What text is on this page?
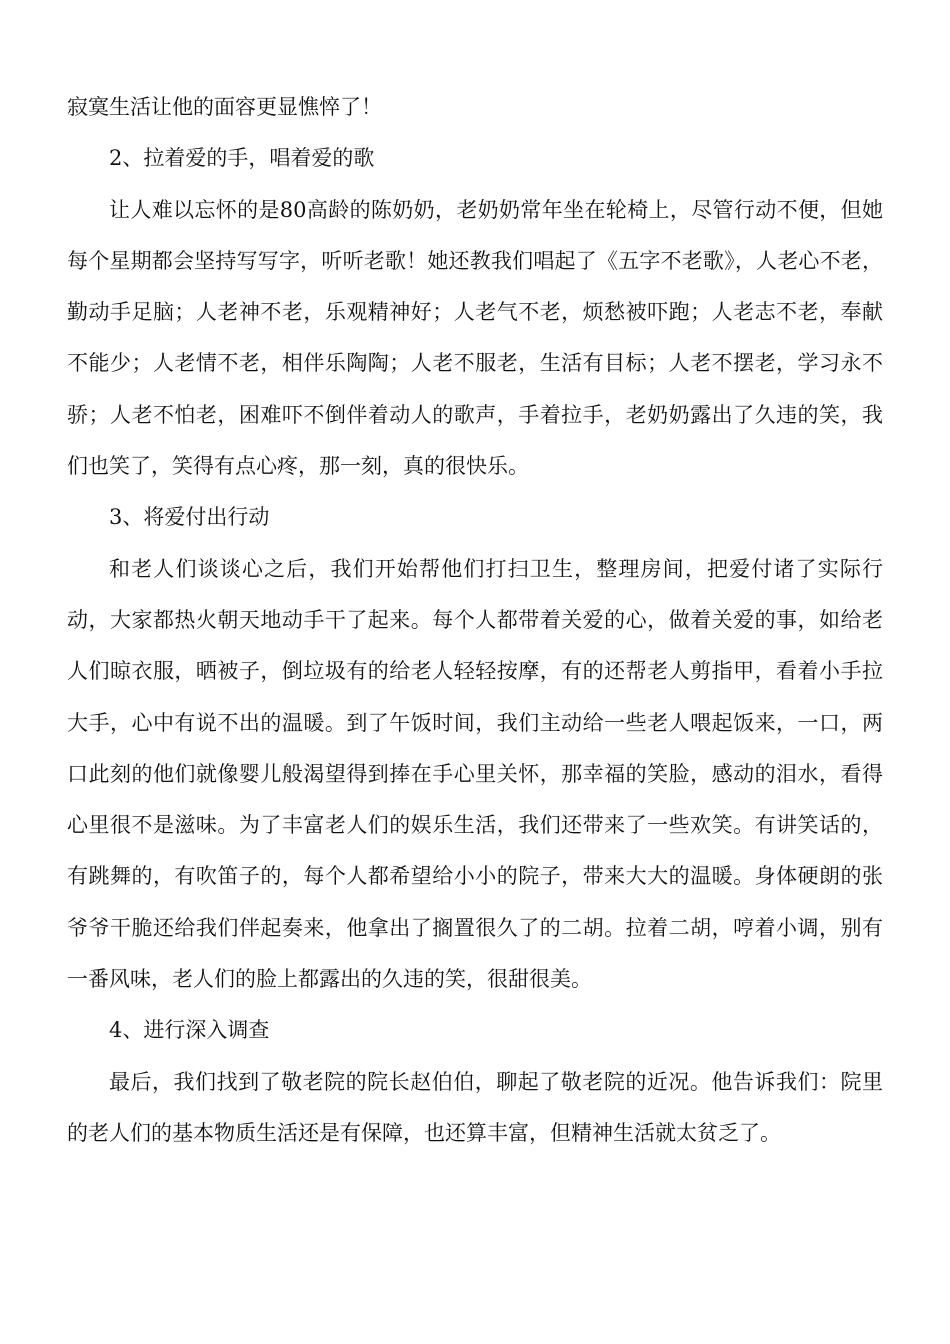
寂寞生活让他的面容更显憔悴了！

2、拉着爱的手，唱着爱的歌

让人难以忘怀的是80高龄的陈奶奶，老奶奶常年坐在轮椅上，尽管行动不便，但她每个星期都会坚持写写字，听听老歌！她还教我们唱起了《五字不老歌》，人老心不老，勤动手足脑；人老神不老，乐观精神好；人老气不老，烦愁被吓跑；人老志不老，奉献不能少；人老情不老，相伴乐陶陶；人老不服老，生活有目标；人老不摆老，学习永不骄；人老不怕老，困难吓不倒伴着动人的歌声，手着拉手，老奶奶露出了久违的笑，我们也笑了，笑得有点心疼，那一刻，真的很快乐。

3、将爱付出行动

和老人们谈谈心之后，我们开始帮他们打扫卫生，整理房间，把爱付诸了实际行动，大家都热火朝天地动手干了起来。每个人都带着关爱的心，做着关爱的事，如给老人们晾衣服，晒被子，倒垃圾有的给老人轻轻按摩，有的还帮老人剪指甲，看着小手拉大手，心中有说不出的温暖。到了午饭时间，我们主动给一些老人喂起饭来，一口，两口此刻的他们就像婴儿般渴望得到捧在手心里关怀，那幸福的笑脸，感动的泪水，看得心里很不是滋味。为了丰富老人们的娱乐生活，我们还带来了一些欢笑。有讲笑话的，有跳舞的，有吹笛子的，每个人都希望给小小的院子，带来大大的温暖。身体硬朗的张爷爷干脆还给我们伴起奏来，他拿出了搁置很久了的二胡。拉着二胡，哼着小调，别有一番风味，老人们的脸上都露出的久违的笑，很甜很美。

4、进行深入调查

最后，我们找到了敬老院的院长赵伯伯，聊起了敬老院的近况。他告诉我们：院里的老人们的基本物质生活还是有保障，也还算丰富，但精神生活就太贫乏了。
